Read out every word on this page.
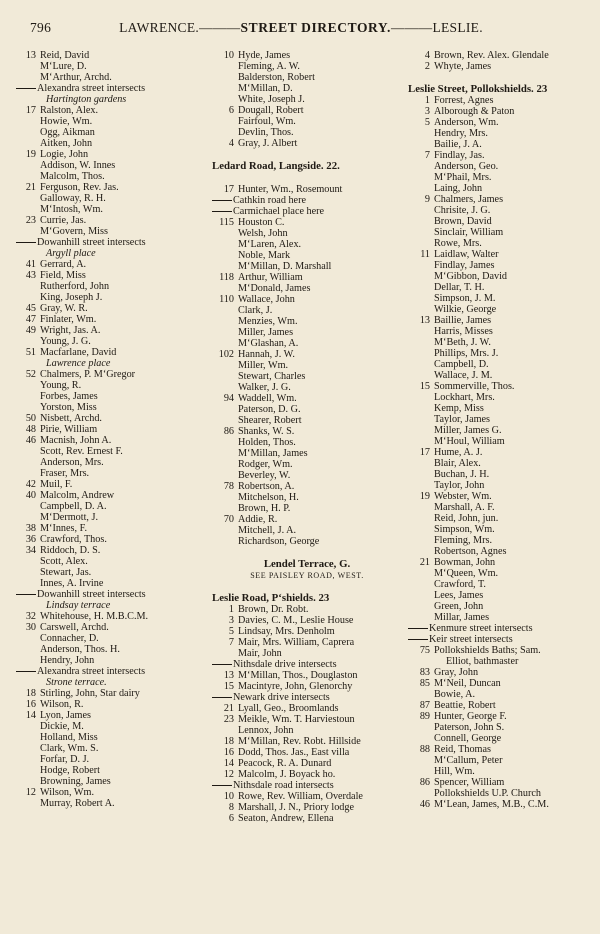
796	LAWRENCE.———STREET DIRECTORY.———LESLIE.
13 Reid, David
M‘Lure, D.
M‘Arthur, Archd.
Alexandra street intersects
Hartington gardens
17 Ralston, Alex.
Howie, Wm.
Ogg, Aikman
Aitken, John
19 Logie, John
Addison, W. Innes
Malcolm, Thos.
21 Ferguson, Rev. Jas.
Galloway, R. H.
M‘Intosh, Wm.
23 Currie, Jas.
M‘Govern, Miss
Dowanhill street intersects
Argyll place
41 Gerrard, A.
43 Field, Miss
Rutherford, John
King, Joseph J.
45 Gray, W. R.
47 Finlater, Wm.
49 Wright, Jas. A.
Young, J. G.
51 Macfarlane, David
Lawrence place
52 Chalmers, P. M‘Gregor
Young, R.
Forbes, James
Yorston, Miss
50 Nisbett, Archd.
48 Pirie, William
46 Macnish, John A.
Scott, Rev. Ernest F.
Anderson, Mrs.
Fraser, Mrs.
42 Muil, F.
40 Malcolm, Andrew
Campbell, D. A.
M‘Dermott, J.
38 M‘Innes, F.
36 Crawford, Thos.
34 Riddoch, D. S.
Scott, Alex.
Stewart, Jas.
Innes, A. Irvine
Dowanhill street intersects
Lindsay terrace
32 Whitehouse, H. M.B.C.M.
30 Carswell, Archd.
Connacher, D.
Anderson, Thos. H.
Hendry, John
Alexandra street intersects
Strone terrace.
18 Stirling, John, Star dairy
16 Wilson, R.
14 Lyon, James
Dickie, M.
Holland, Miss
Clark, Wm. S.
Forfar, D. J.
Hodge, Robert
Browning, James
12 Wilson, Wm.
Murray, Robert A.
10 Hyde, James
Fleming, A. W.
Balderston, Robert
M‘Millan, D.
White, Joseph J.
6 Dougall, Robert
Fairfoul, Wm.
Devlin, Thos.
4 Gray, J. Albert
Ledard Road, Langside. 22.
17 Hunter, Wm., Rosemount
Cathkin road here
Carmichael place here
115 Houston C.
Welsh, John
M‘Laren, Alex.
Noble, Mark
M‘Millan, D. Marshall
118 Arthur, William
M‘Donald, James
110 Wallace, John
Clark, J.
Menzies, Wm.
Miller, James
M‘Glashan, A.
102 Hannah, J. W.
Miller, Wm.
Stewart, Charles
Walker, J. G.
94 Waddell, Wm.
Paterson, D. G.
Shearer, Robert
86 Shanks, W. S.
Holden, Thos.
M‘Millan, James
Rodger, Wm.
Beverley, W.
78 Robertson, A.
Mitchelson, H.
Brown, H. P.
70 Addie, R.
Mitchell, J. A.
Richardson, George
Lendel Terrace, G.
SEE PAISLEY ROAD, WEST.
Leslie Road, P‘shields. 23
1 Brown, Dr. Robt.
3 Davies, C. M., Leslie House
5 Lindsay, Mrs. Denholm
7 Mair, Mrs. William, Caprera
Mair, John
Nithsdale drive intersects
13 M‘Millan, Thos., Douglaston
15 Macintyre, John, Glenorchy
Newark drive intersects
21 Lyall, Geo., Broomlands
23 Meikle, Wm. T. Harviestoun
Lennox, John
18 M‘Millan, Rev. Robt. Hillside
16 Dodd, Thos. Jas., East villa
14 Peacock, R. A. Dunard
12 Malcolm, J. Boyack ho.
Nithsdale road intersects
10 Rowe, Rev. William, Overdale
8 Marshall, J. N., Priory lodge
6 Seaton, Andrew, Ellena
4 Brown, Rev. Alex. Glendale
2 Whyte, James
Leslie Street, Pollokshields. 23
1 Forrest, Agnes
3 Alborough & Paton
5 Anderson, Wm.
Hendry, Mrs.
Bailie, J. A.
7 Findlay, Jas.
Anderson, Geo.
M‘Phail, Mrs.
Laing, John
9 Chalmers, James
Chrisite, J. G.
Brown, David
Sinclair, William
Rowe, Mrs.
11 Laidlaw, Walter
Findlay, James
M‘Gibbon, David
Dellar, T. H.
Simpson, J. M.
Wilkie, George
13 Baillie, James
Harris, Misses
M‘Beth, J. W.
Phillips, Mrs. J.
Campbell, D.
Wallace, J. M.
15 Sommerville, Thos.
Lockhart, Mrs.
Kemp, Miss
Taylor, James
Miller, James G.
M‘Houl, William
17 Hume, A. J.
Blair, Alex.
Buchan, J. H.
Taylor, John
19 Webster, Wm.
Marshall, A. F.
Reid, John, jun.
Simpson, Wm.
Fleming, Mrs.
Robertson, Agnes
21 Bowman, John
M‘Queen, Wm.
Crawford, T.
Lees, James
Green, John
Millar, James
Kenmure street intersects
Keir street intersects
75 Pollokshields Baths; Sam.
Elliot, bathmaster
83 Gray, John
85 M‘Neil, Duncan
Bowie, A.
87 Beattie, Robert
89 Hunter, George F.
Paterson, John S.
Connell, George
88 Reid, Thomas
M‘Callum, Peter
Hill, Wm.
86 Spencer, William
Pollokshields U.P. Church
46 M‘Lean, James, M.B., C.M.
